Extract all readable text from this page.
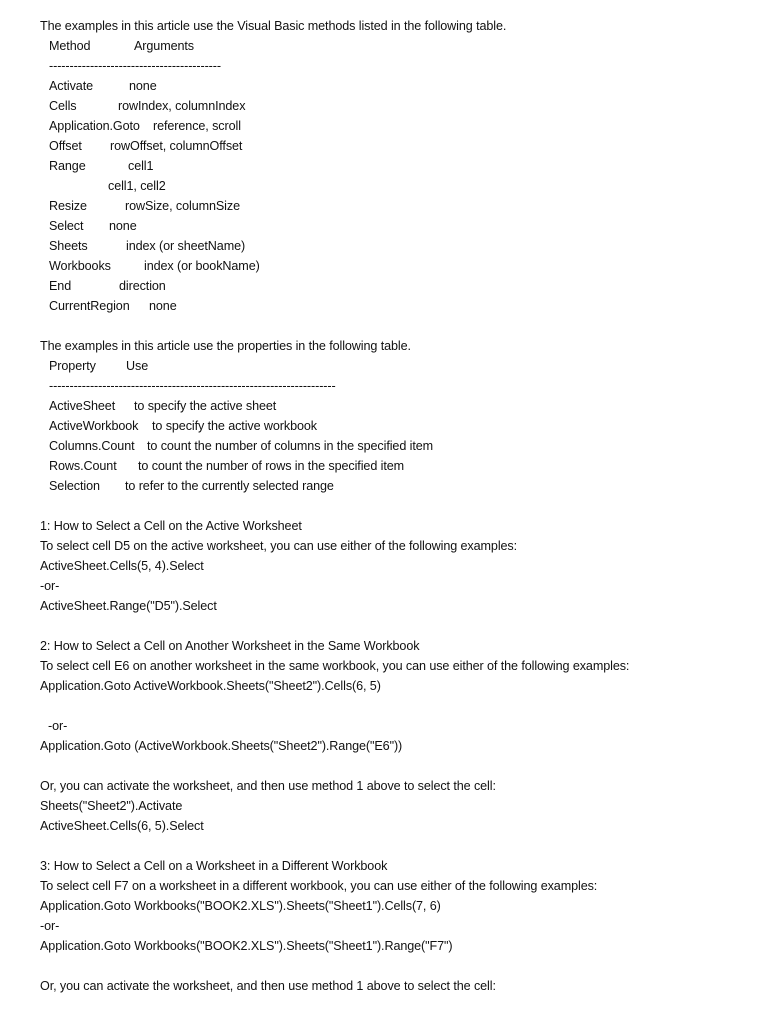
The examples in this article use the Visual Basic methods listed in the following table.
Method	Arguments
------------------------------------------
Activate	none
Cells	rowIndex, columnIndex
Application.Goto reference, scroll
Offset rowOffset, columnOffset
Range	cell1
cell1, cell2
Resize	rowSize, columnSize
Select none
Sheets	index (or sheetName)
Workbooks	index (or bookName)
End	direction
CurrentRegion none
The examples in this article use the properties in the following table.
Property Use
----------------------------------------------------------------------
ActiveSheet to specify the active sheet
ActiveWorkbook to specify the active workbook
Columns.Count to count the number of columns in the specified item
Rows.Count to count the number of rows in the specified item
Selection to refer to the currently selected range
1: How to Select a Cell on the Active Worksheet
To select cell D5 on the active worksheet, you can use either of the following examples:
ActiveSheet.Cells(5, 4).Select
-or-
ActiveSheet.Range("D5").Select
2: How to Select a Cell on Another Worksheet in the Same Workbook
To select cell E6 on another worksheet in the same workbook, you can use either of the following examples:
Application.Goto ActiveWorkbook.Sheets("Sheet2").Cells(6, 5)
-or-
Application.Goto (ActiveWorkbook.Sheets("Sheet2").Range("E6"))
Or, you can activate the worksheet, and then use method 1 above to select the cell:
Sheets("Sheet2").Activate
ActiveSheet.Cells(6, 5).Select
3: How to Select a Cell on a Worksheet in a Different Workbook
To select cell F7 on a worksheet in a different workbook, you can use either of the following examples:
Application.Goto Workbooks("BOOK2.XLS").Sheets("Sheet1").Cells(7, 6)
-or-
Application.Goto Workbooks("BOOK2.XLS").Sheets("Sheet1").Range("F7")
Or, you can activate the worksheet, and then use method 1 above to select the cell:
